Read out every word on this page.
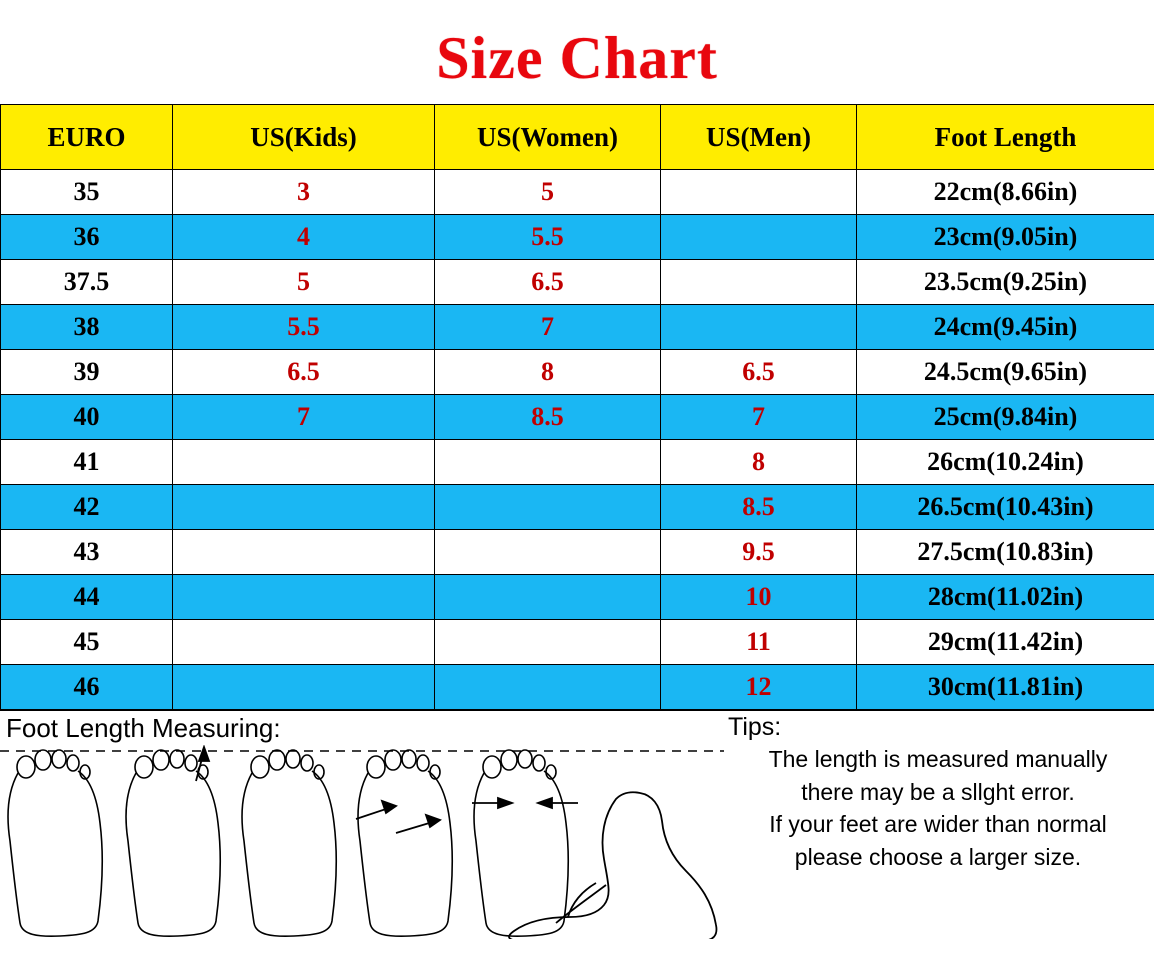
Size Chart
EURO	US(Kids)	US(Women)	US(Men)	Foot Length
35	3	5		22cm(8.66in)
36	4	5.5		23cm(9.05in)
37.5	5	6.5		23.5cm(9.25in)
38	5.5	7		24cm(9.45in)
39	6.5	8	6.5	24.5cm(9.65in)
40	7	8.5	7	25cm(9.84in)
41			8	26cm(10.24in)
42			8.5	26.5cm(10.43in)
43			9.5	27.5cm(10.83in)
44			10	28cm(11.02in)
45			11	29cm(11.42in)
46			12	30cm(11.81in)
Foot Length Measuring:	Tips:
The length is measured manually
there may be a sllght error.
If your feet are wider than normal
please choose a larger size.
